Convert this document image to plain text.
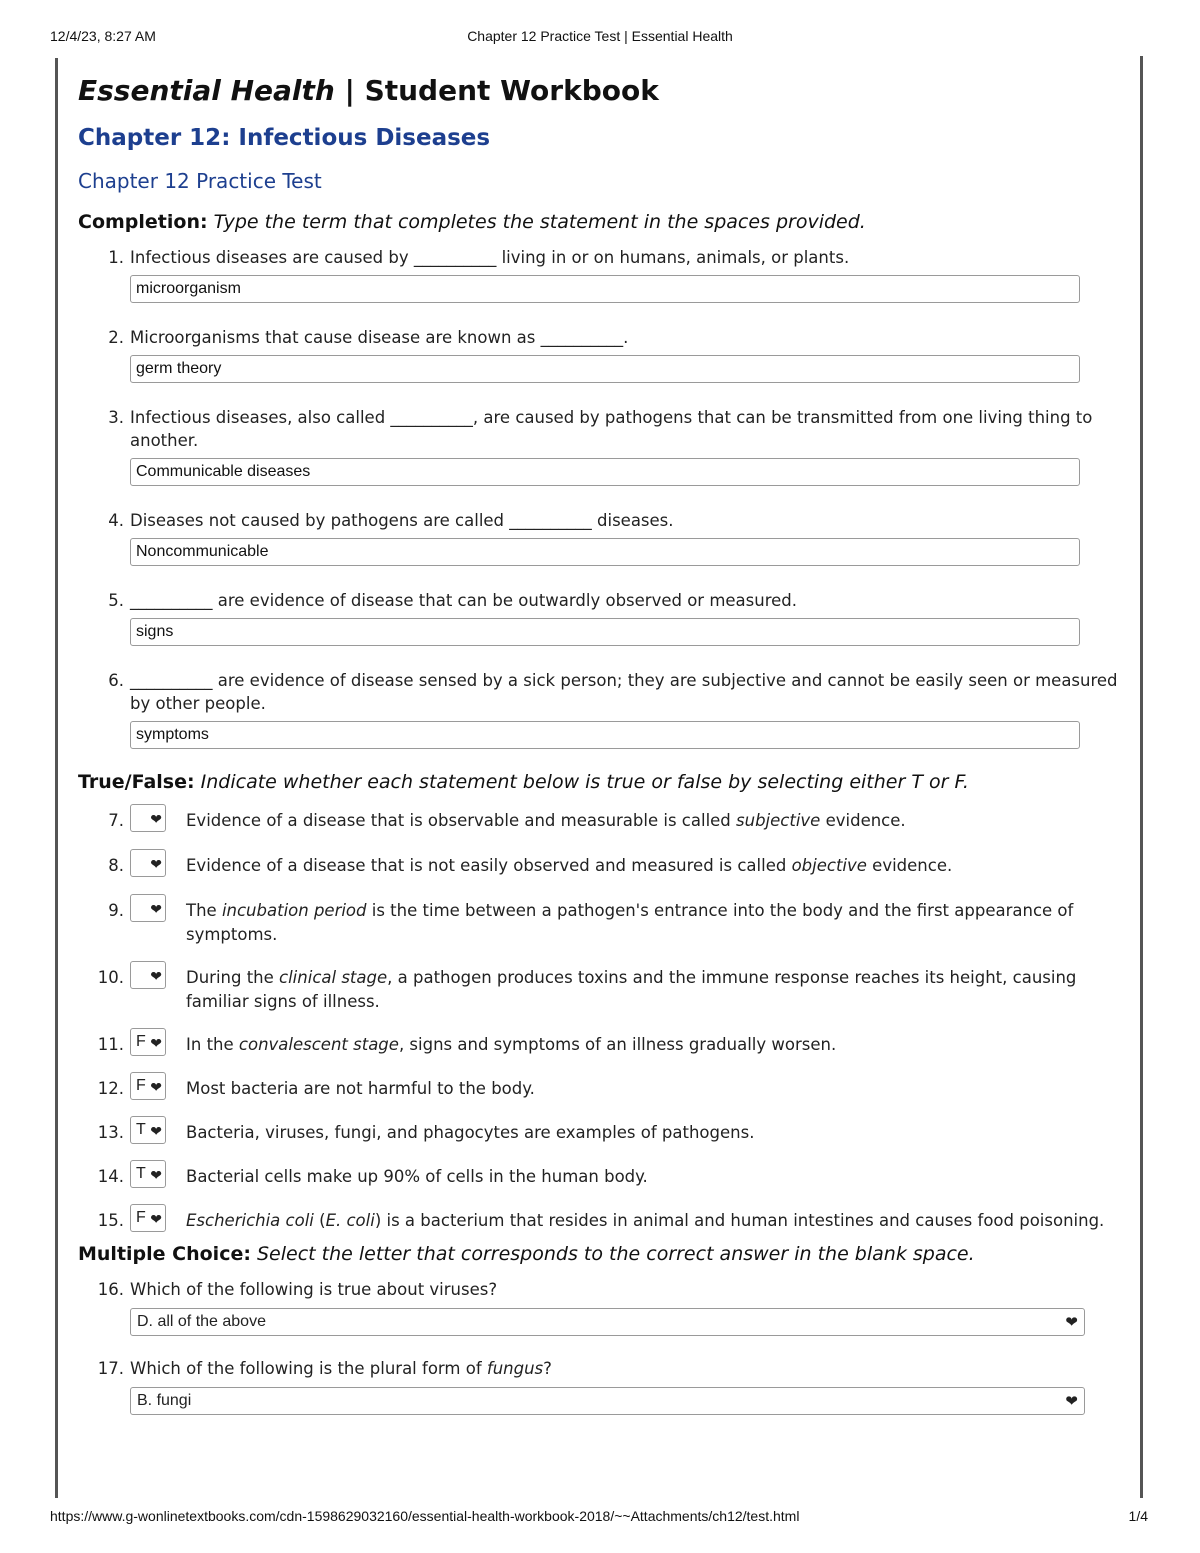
12/4/23, 8:27 AM	Chapter 12 Practice Test | Essential Health
Essential Health | Student Workbook
Chapter 12: Infectious Diseases
Chapter 12 Practice Test
Completion: Type the term that completes the statement in the spaces provided.
1. Infectious diseases are caused by __________ living in or on humans, animals, or plants.
microorganism
2. Microorganisms that cause disease are known as __________.
germ theory
3. Infectious diseases, also called __________, are caused by pathogens that can be transmitted from one living thing to another.
Communicable diseases
4. Diseases not caused by pathogens are called __________ diseases.
Noncommunicable
5. __________ are evidence of disease that can be outwardly observed or measured.
signs
6. __________ are evidence of disease sensed by a sick person; they are subjective and cannot be easily seen or measured by other people.
symptoms
True/False: Indicate whether each statement below is true or false by selecting either T or F.
7. ❤ Evidence of a disease that is observable and measurable is called subjective evidence.
8. ❤ Evidence of a disease that is not easily observed and measured is called objective evidence.
9. ❤ The incubation period is the time between a pathogen's entrance into the body and the first appearance of symptoms.
10. ❤ During the clinical stage, a pathogen produces toxins and the immune response reaches its height, causing familiar signs of illness.
11. F ❤ In the convalescent stage, signs and symptoms of an illness gradually worsen.
12. F ❤ Most bacteria are not harmful to the body.
13. T ❤ Bacteria, viruses, fungi, and phagocytes are examples of pathogens.
14. T ❤ Bacterial cells make up 90% of cells in the human body.
15. F ❤ Escherichia coli (E. coli) is a bacterium that resides in animal and human intestines and causes food poisoning.
Multiple Choice: Select the letter that corresponds to the correct answer in the blank space.
16. Which of the following is true about viruses?
D. all of the above	❤
17. Which of the following is the plural form of fungus?
B. fungi	❤
https://www.g-wonlinetextbooks.com/cdn-1598629032160/essential-health-workbook-2018/~~Attachments/ch12/test.html	1/4
